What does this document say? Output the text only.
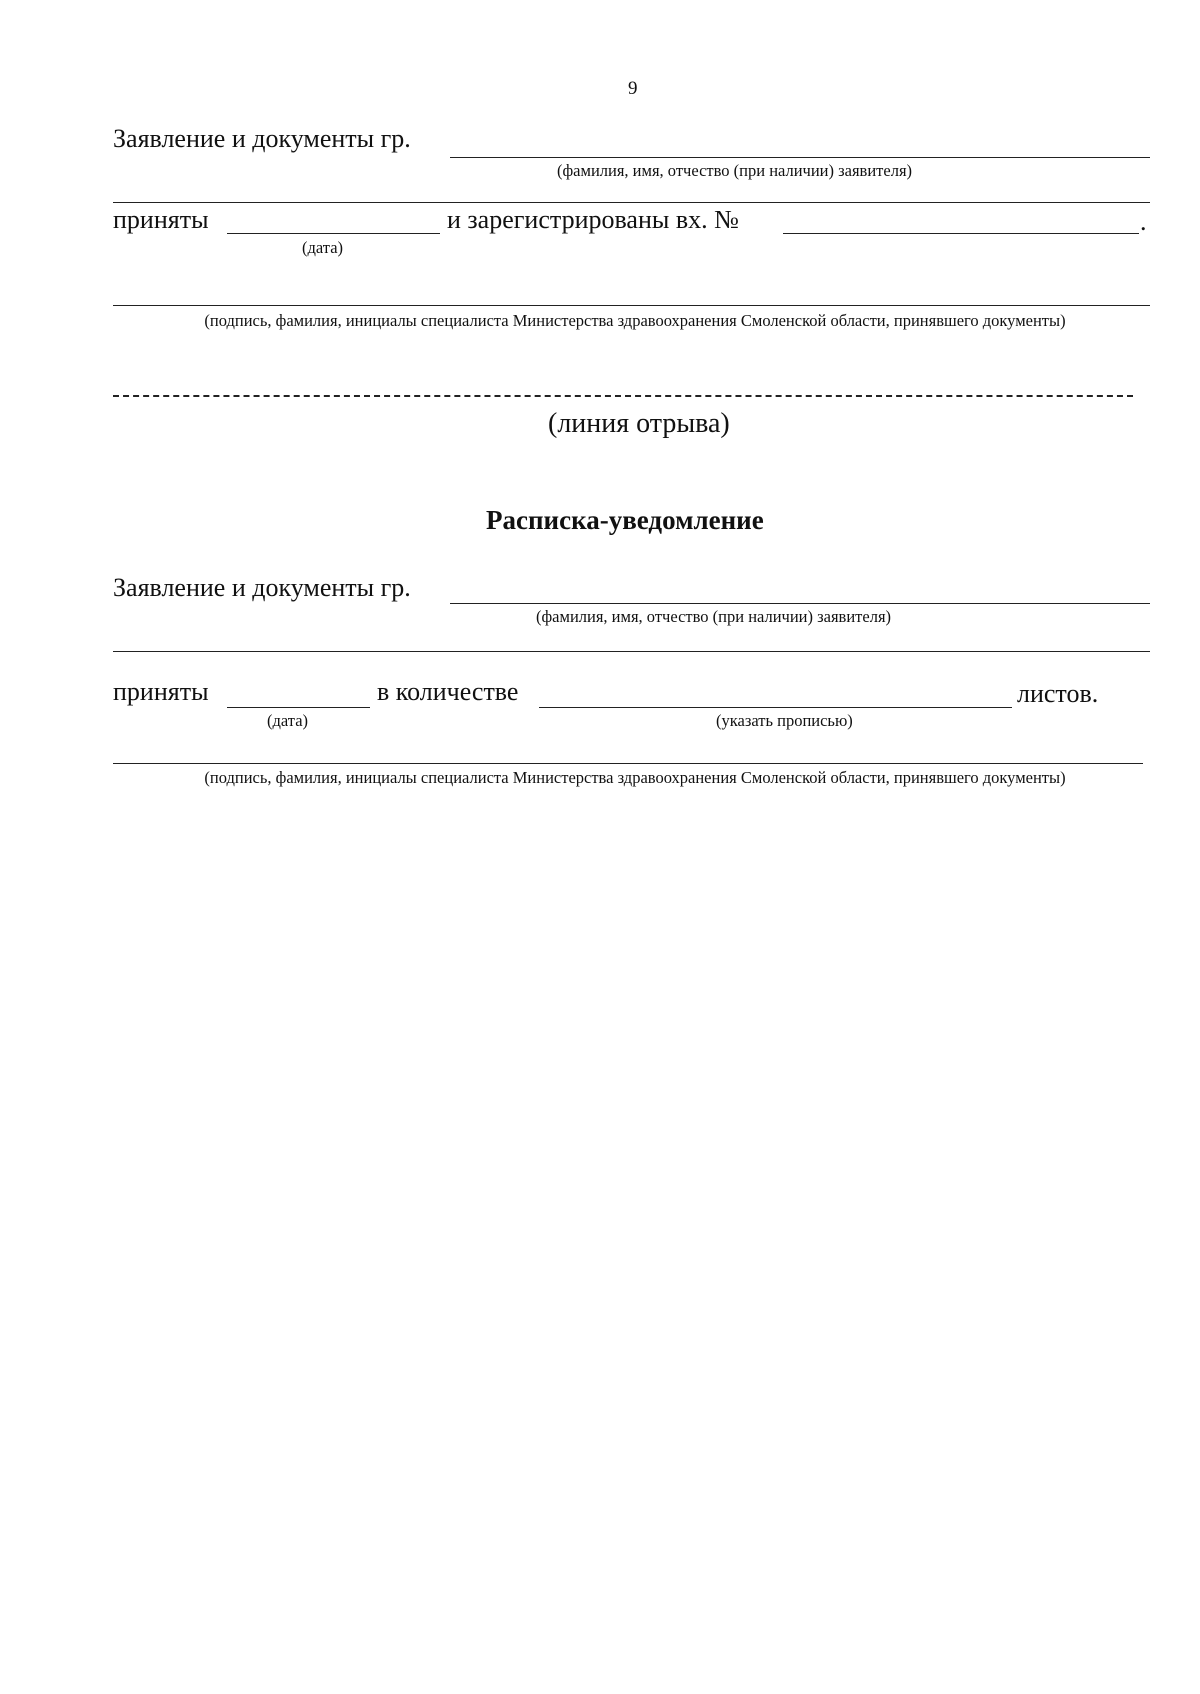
9
Заявление и документы гр.
(фамилия, имя, отчество (при наличии) заявителя)
приняты
(дата)
и зарегистрированы вх. №	.
(подпись, фамилия, инициалы специалиста Министерства здравоохранения Смоленской области, принявшего документы)
(линия отрыва)
Расписка-уведомление
Заявление и документы гр.
(фамилия, имя, отчество (при наличии) заявителя)
приняты
(дата)
в количестве
(указать прописью)
листов.
(подпись, фамилия, инициалы специалиста Министерства здравоохранения Смоленской области, принявшего документы)
